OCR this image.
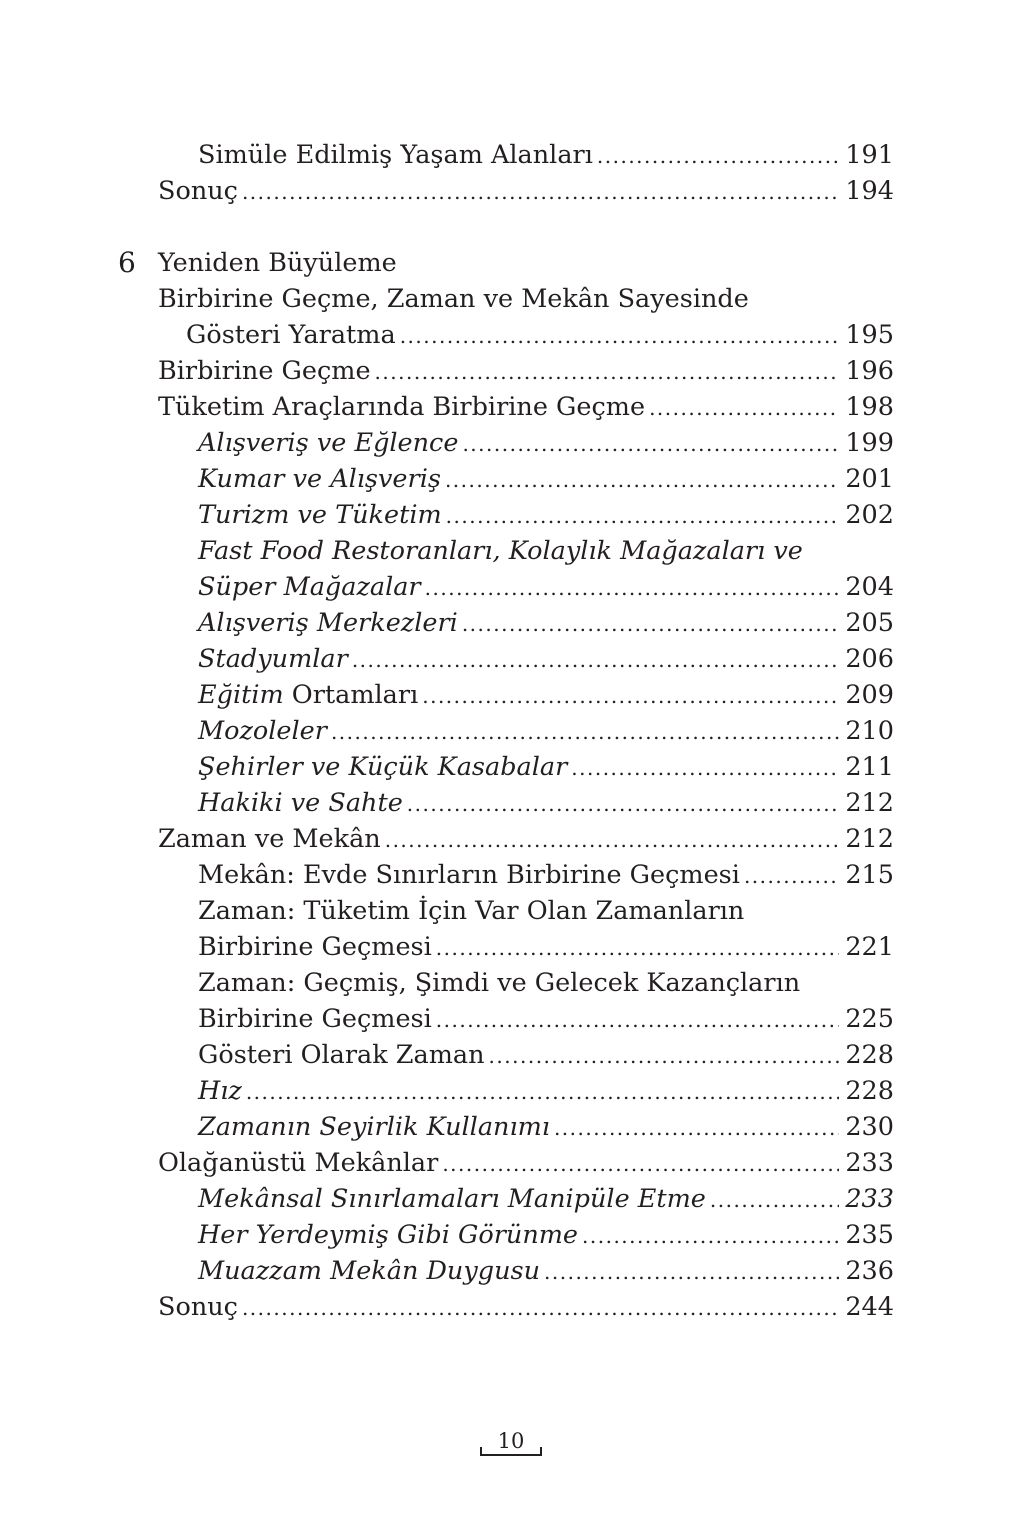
Simüle Edilmiş Yaşam Alanları .....	191
Sonuç .....	194
6 Yeniden Büyüleme
Birbirine Geçme, Zaman ve Mekân Sayesinde
Gösteri Yaratma .....	195
Birbirine Geçme .....	196
Tüketim Araçlarında Birbirine Geçme .....	198
Alışveriş ve Eğlence .....	199
Kumar ve Alışveriş .....	201
Turizm ve Tüketim .....	202
Fast Food Restoranları, Kolaylık Mağazaları ve
Süper Mağazalar .....	204
Alışveriş Merkezleri .....	205
Stadyumlar .....	206
Eğitim Ortamları .....	209
Mozoleler .....	210
Şehirler ve Küçük Kasabalar .....	211
Hakiki ve Sahte .....	212
Zaman ve Mekân .....	212
Mekân: Evde Sınırların Birbirine Geçmesi .....	215
Zaman: Tüketim İçin Var Olan Zamanların
Birbirine Geçmesi .....	221
Zaman: Geçmiş, Şimdi ve Gelecek Kazançların
Birbirine Geçmesi .....	225
Gösteri Olarak Zaman .....	228
Hız .....	228
Zamanın Seyirlik Kullanımı .....	230
Olağanüstü Mekânlar .....	233
Mekânsal Sınırlamaları Manipüle Etme .....	233
Her Yerdeymiş Gibi Görünme .....	235
Muazzam Mekân Duygusu .....	236
Sonuç .....	244
10
